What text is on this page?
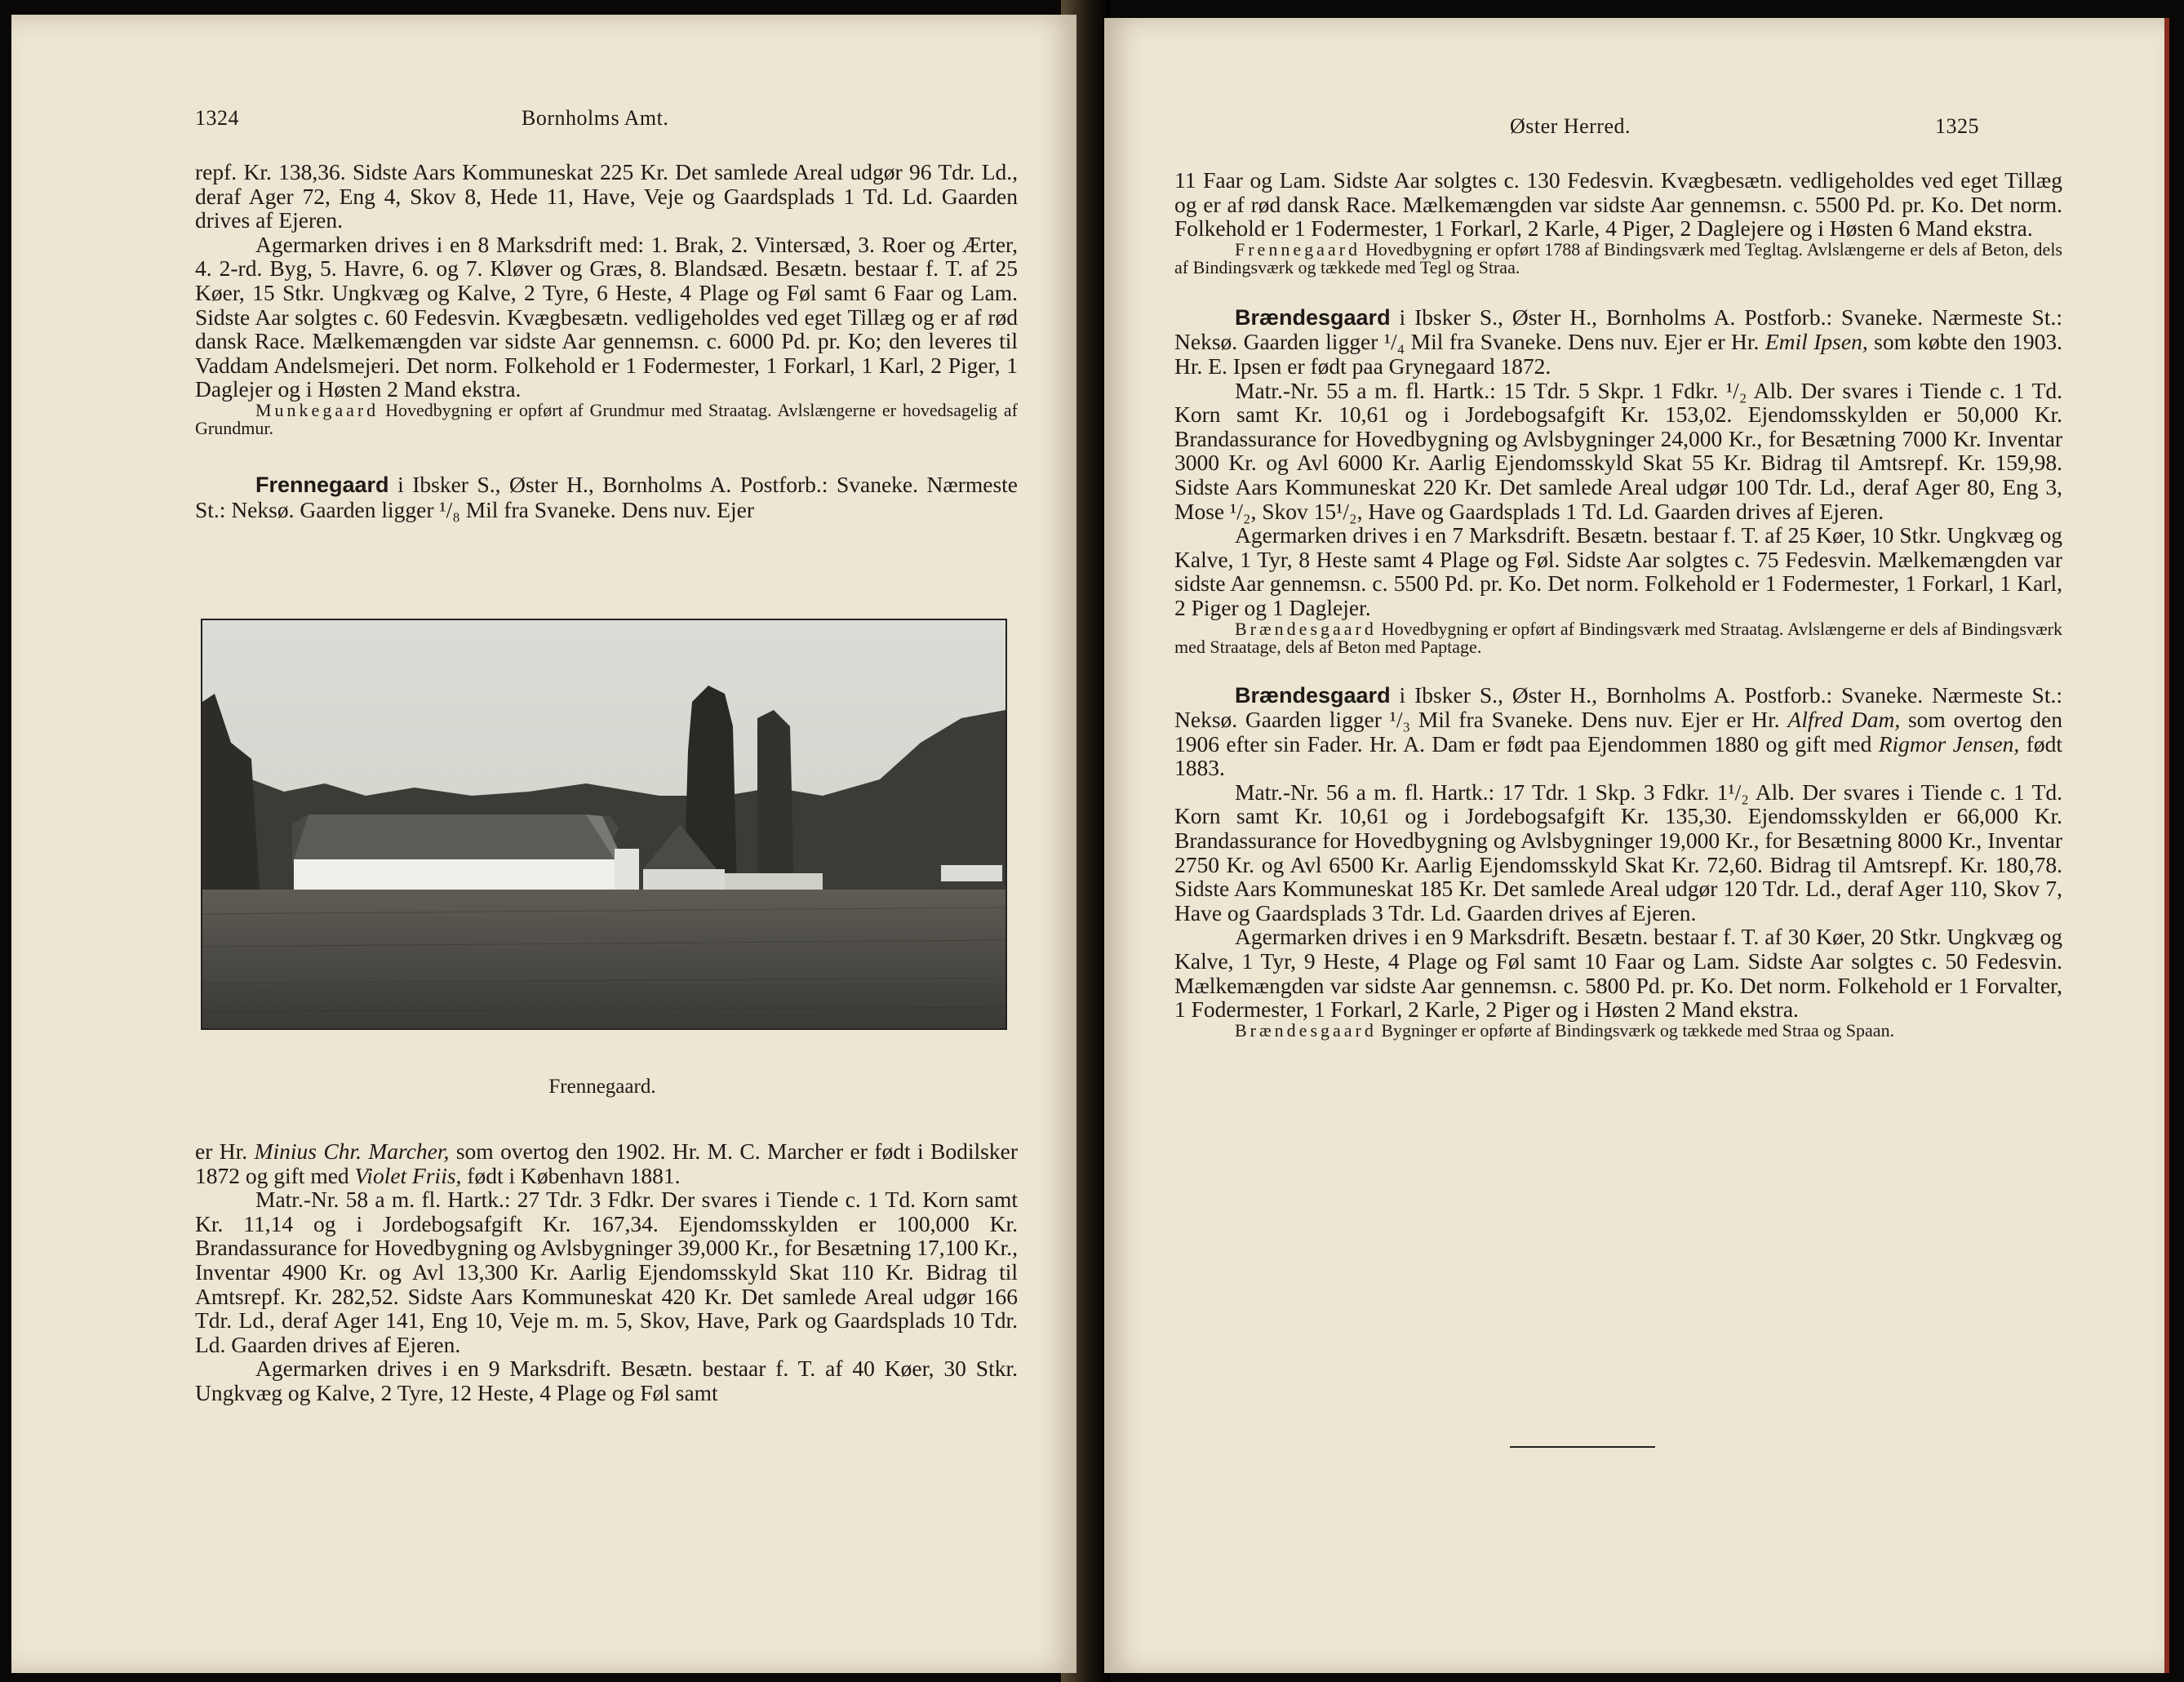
1324	Bornholms Amt.

repf. Kr. 138,36. Sidste Aars Kommuneskat 225 Kr. Det samlede Areal udgør 96 Tdr. Ld., deraf Ager 72, Eng 4, Skov 8, Hede 11, Have, Veje og Gaardsplads 1 Td. Ld. Gaarden drives af Ejeren.

Agermarken drives i en 8 Marksdrift med: 1. Brak, 2. Vintersæd, 3. Roer og Ærter, 4. 2-rd. Byg, 5. Havre, 6. og 7. Kløver og Græs, 8. Blandsæd. Besætn. bestaar f. T. af 25 Køer, 15 Stkr. Ungkvæg og Kalve, 2 Tyre, 6 Heste, 4 Plage og Føl samt 6 Faar og Lam. Sidste Aar solgtes c. 60 Fedesvin. Kvægbesætn. vedligeholdes ved eget Tillæg og er af rød dansk Race. Mælkemængden var sidste Aar gennemsn. c. 6000 Pd. pr. Ko; den leveres til Vaddam Andelsmejeri. Det norm. Folkehold er 1 Fodermester, 1 Forkarl, 1 Karl, 2 Piger, 1 Daglejer og i Høsten 2 Mand ekstra.

Munkegaard Hovedbygning er opført af Grundmur med Straatag. Avlslængerne er hovedsagelig af Grundmur.

Frennegaard i Ibsker S., Øster H., Bornholms A. Postforb.: Svaneke. Nærmeste St.: Neksø. Gaarden ligger ¹/₈ Mil fra Svaneke. Dens nuv. Ejer

Frennegaard.

er Hr. Minius Chr. Marcher, som overtog den 1902. Hr. M. C. Marcher er født i Bodilsker 1872 og gift med Violet Friis, født i København 1881.

Matr.-Nr. 58 a m. fl. Hartk.: 27 Tdr. 3 Fdkr. Der svares i Tiende c. 1 Td. Korn samt Kr. 11,14 og i Jordebogsafgift Kr. 167,34. Ejendomsskylden er 100,000 Kr. Brandassurance for Hovedbygning og Avlsbygninger 39,000 Kr., for Besætning 17,100 Kr., Inventar 4900 Kr. og Avl 13,300 Kr. Aarlig Ejendomsskyld Skat 110 Kr. Bidrag til Amtsrepf. Kr. 282,52. Sidste Aars Kommuneskat 420 Kr. Det samlede Areal udgør 166 Tdr. Ld., deraf Ager 141, Eng 10, Veje m. m. 5, Skov, Have, Park og Gaardsplads 10 Tdr. Ld. Gaarden drives af Ejeren.

Agermarken drives i en 9 Marksdrift. Besætn. bestaar f. T. af 40 Køer, 30 Stkr. Ungkvæg og Kalve, 2 Tyre, 12 Heste, 4 Plage og Føl samt

Øster Herred.	1325

11 Faar og Lam. Sidste Aar solgtes c. 130 Fedesvin. Kvægbesætn. vedligeholdes ved eget Tillæg og er af rød dansk Race. Mælkemængden var sidste Aar gennemsn. c. 5500 Pd. pr. Ko. Det norm. Folkehold er 1 Fodermester, 1 Forkarl, 2 Karle, 4 Piger, 2 Daglejere og i Høsten 6 Mand ekstra.

Frennegaard Hovedbygning er opført 1788 af Bindingsværk med Tegltag. Avlslængerne er dels af Beton, dels af Bindingsværk og tækkede med Tegl og Straa.

Brændesgaard i Ibsker S., Øster H., Bornholms A. Postforb.: Svaneke. Nærmeste St.: Neksø. Gaarden ligger ¹/₄ Mil fra Svaneke. Dens nuv. Ejer er Hr. Emil Ipsen, som købte den 1903. Hr. E. Ipsen er født paa Grynegaard 1872.

Matr.-Nr. 55 a m. fl. Hartk.: 15 Tdr. 5 Skpr. 1 Fdkr. ¹/₂ Alb. Der svares i Tiende c. 1 Td. Korn samt Kr. 10,61 og i Jordebogsafgift Kr. 153,02. Ejendomsskylden er 50,000 Kr. Brandassurance for Hovedbygning og Avlsbygninger 24,000 Kr., for Besætning 7000 Kr. Inventar 3000 Kr. og Avl 6000 Kr. Aarlig Ejendomsskyld Skat 55 Kr. Bidrag til Amtsrepf. Kr. 159,98. Sidste Aars Kommuneskat 220 Kr. Det samlede Areal udgør 100 Tdr. Ld., deraf Ager 80, Eng 3, Mose ¹/₂, Skov 15¹/₂, Have og Gaardsplads 1 Td. Ld. Gaarden drives af Ejeren.

Agermarken drives i en 7 Marksdrift. Besætn. bestaar f. T. af 25 Køer, 10 Stkr. Ungkvæg og Kalve, 1 Tyr, 8 Heste samt 4 Plage og Føl. Sidste Aar solgtes c. 75 Fedesvin. Mælkemængden var sidste Aar gennemsn. c. 5500 Pd. pr. Ko. Det norm. Folkehold er 1 Fodermester, 1 Forkarl, 1 Karl, 2 Piger og 1 Daglejer.

Brændesgaard Hovedbygning er opført af Bindingsværk med Straatag. Avlslængerne er dels af Bindingsværk med Straatage, dels af Beton med Paptage.

Brændesgaard i Ibsker S., Øster H., Bornholms A. Postforb.: Svaneke. Nærmeste St.: Neksø. Gaarden ligger ¹/₃ Mil fra Svaneke. Dens nuv. Ejer er Hr. Alfred Dam, som overtog den 1906 efter sin Fader. Hr. A. Dam er født paa Ejendommen 1880 og gift med Rigmor Jensen, født 1883.

Matr.-Nr. 56 a m. fl. Hartk.: 17 Tdr. 1 Skp. 3 Fdkr. 1¹/₂ Alb. Der svares i Tiende c. 1 Td. Korn samt Kr. 10,61 og i Jordebogsafgift Kr. 135,30. Ejendomsskylden er 66,000 Kr. Brandassurance for Hovedbygning og Avlsbygninger 19,000 Kr., for Besætning 8000 Kr., Inventar 2750 Kr. og Avl 6500 Kr. Aarlig Ejendomsskyld Skat Kr. 72,60. Bidrag til Amtsrepf. Kr. 180,78. Sidste Aars Kommuneskat 185 Kr. Det samlede Areal udgør 120 Tdr. Ld., deraf Ager 110, Skov 7, Have og Gaardsplads 3 Tdr. Ld. Gaarden drives af Ejeren.

Agermarken drives i en 9 Marksdrift. Besætn. bestaar f. T. af 30 Køer, 20 Stkr. Ungkvæg og Kalve, 1 Tyr, 9 Heste, 4 Plage og Føl samt 10 Faar og Lam. Sidste Aar solgtes c. 50 Fedesvin. Mælkemængden var sidste Aar gennemsn. c. 5800 Pd. pr. Ko. Det norm. Folkehold er 1 Forvalter, 1 Fodermester, 1 Forkarl, 2 Karle, 2 Piger og i Høsten 2 Mand ekstra.

Brændesgaard Bygninger er opførte af Bindingsværk og tækkede med Straa og Spaan.
